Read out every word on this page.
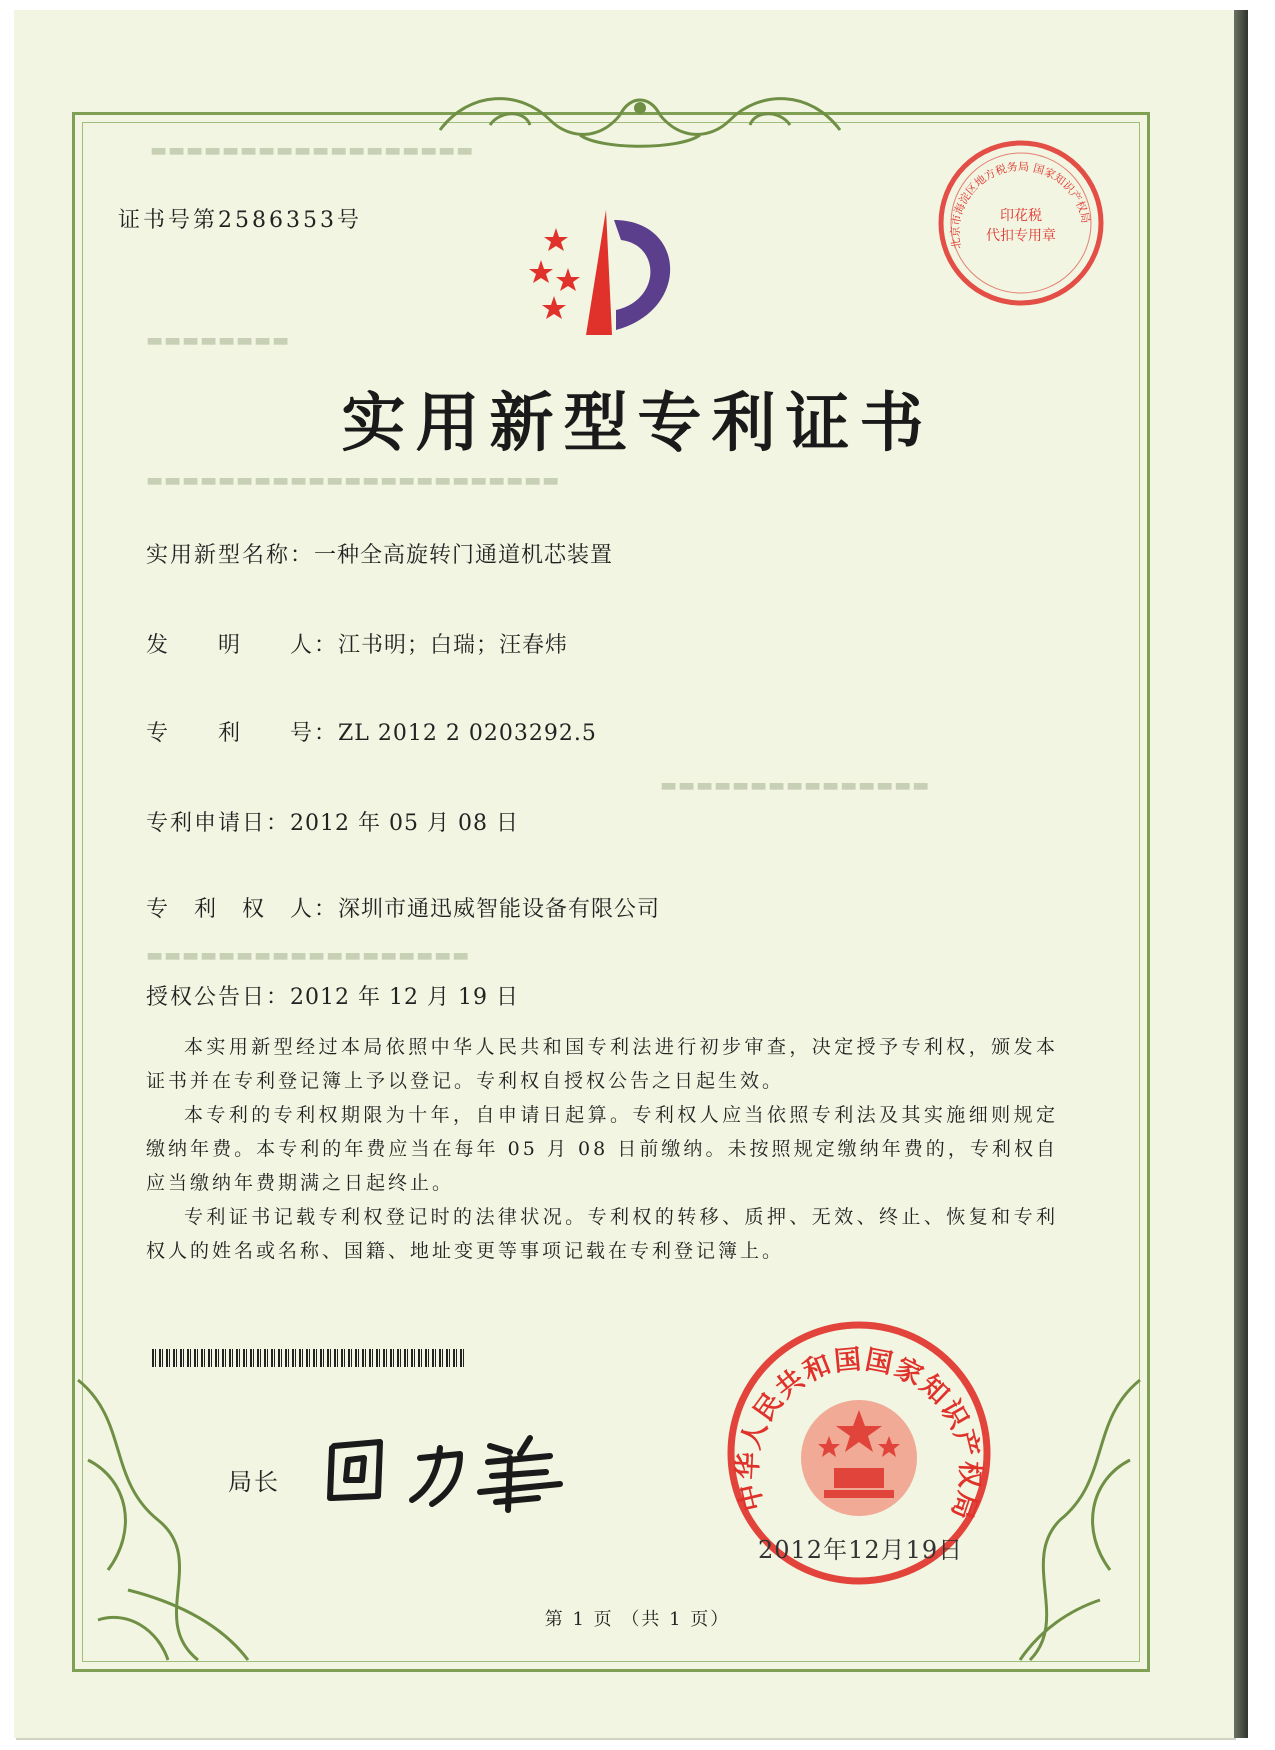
▬▬▬▬▬▬▬▬▬▬▬▬▬▬▬▬▬▬
▬▬▬▬▬▬▬▬
▬▬▬▬▬▬▬▬▬▬▬▬▬▬▬▬▬▬▬▬▬▬▬
▬▬▬▬▬▬▬▬▬▬▬▬▬▬▬
▬▬▬▬▬▬▬▬▬▬▬▬▬▬▬▬▬▬
证书号第2586353号
北京市海淀区地方税务局 国家知识产权局
印花税
代扣专用章
实用新型专利证书
实用新型名称：一种全高旋转门通道机芯装置
发　　明　　人：江书明；白瑞；汪春炜
专　　利　　号：ZL 2012 2 0203292.5
专利申请日：2012 年 05 月 08 日
专　利　权　人：深圳市通迅威智能设备有限公司
授权公告日：2012 年 12 月 19 日

本实用新型经过本局依照中华人民共和国专利法进行初步审查，决定授予专利权，颁发本证书并在专利登记簿上予以登记。专利权自授权公告之日起生效。

本专利的专利权期限为十年，自申请日起算。专利权人应当依照专利法及其实施细则规定缴纳年费。本专利的年费应当在每年 05 月 08 日前缴纳。未按照规定缴纳年费的，专利权自应当缴纳年费期满之日起终止。

专利证书记载专利权登记时的法律状况。专利权的转移、质押、无效、终止、恢复和专利权人的姓名或名称、国籍、地址变更等事项记载在专利登记簿上。

局长	中华人民共和国国家知识产权局
2012年12月19日
第 1 页 （共 1 页）
